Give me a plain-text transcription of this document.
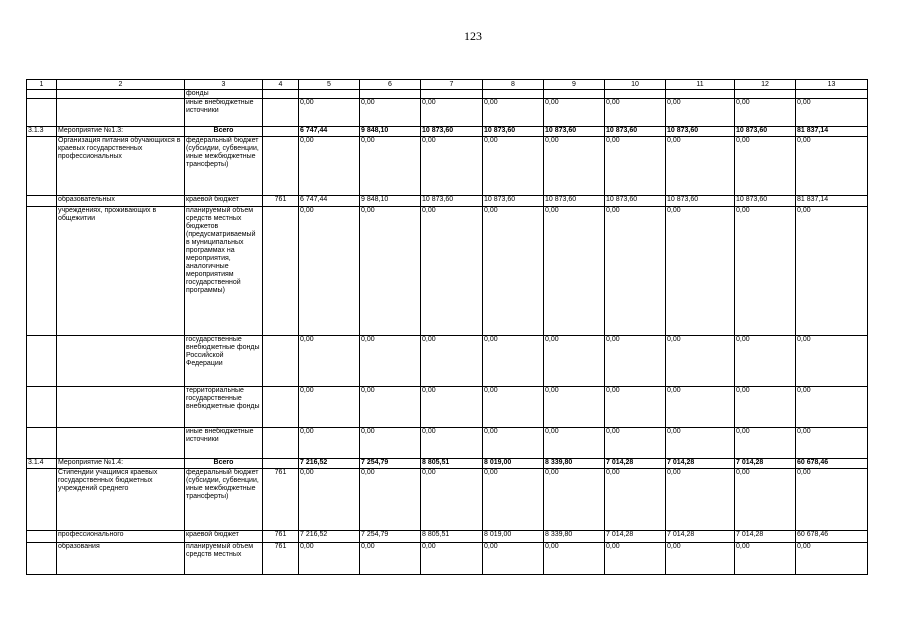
123
1	2	3	4	5	6	7	8	9	10	11	12	13
		фонды										
		иные внебюджетные источники		0,00	0,00	0,00	0,00	0,00	0,00	0,00	0,00	0,00
3.1.3	Мероприятие №1.3:	Всего		6 747,44	9 848,10	10 873,60	10 873,60	10 873,60	10 873,60	10 873,60	10 873,60	81 837,14
	Организация питания обучающихся в краевых государственных профессиональных	федеральный бюджет (субсидии, субвенции, иные межбюджетные трансферты)		0,00	0,00	0,00	0,00	0,00	0,00	0,00	0,00	0,00
	образовательных	краевой бюджет	761	6 747,44	9 848,10	10 873,60	10 873,60	10 873,60	10 873,60	10 873,60	10 873,60	81 837,14
	учреждениях, проживающих в общежитии	планируемый объем средств местных бюджетов (предусматриваемый в муниципальных программах на мероприятия, аналогичные мероприятиям государственной программы)		0,00	0,00	0,00	0,00	0,00	0,00	0,00	0,00	0,00
		государственные внебюджетные фонды Российской Федерации		0,00	0,00	0,00	0,00	0,00	0,00	0,00	0,00	0,00
		территориальные государственные внебюджетные фонды		0,00	0,00	0,00	0,00	0,00	0,00	0,00	0,00	0,00
		иные внебюджетные источники		0,00	0,00	0,00	0,00	0,00	0,00	0,00	0,00	0,00
3.1.4	Мероприятие №1.4:	Всего		7 216,52	7 254,79	8 805,51	8 019,00	8 339,80	7 014,28	7 014,28	7 014,28	60 678,46
	Стипендии учащимся краевых государственных бюджетных учреждений среднего	федеральный бюджет (субсидии, субвенции, иные межбюджетные трансферты)	761	0,00	0,00	0,00	0,00	0,00	0,00	0,00	0,00	0,00
	профессионального	краевой бюджет	761	7 216,52	7 254,79	8 805,51	8 019,00	8 339,80	7 014,28	7 014,28	7 014,28	60 678,46
	образования	планируемый объем средств местных	761	0,00	0,00	0,00	0,00	0,00	0,00	0,00	0,00	0,00
